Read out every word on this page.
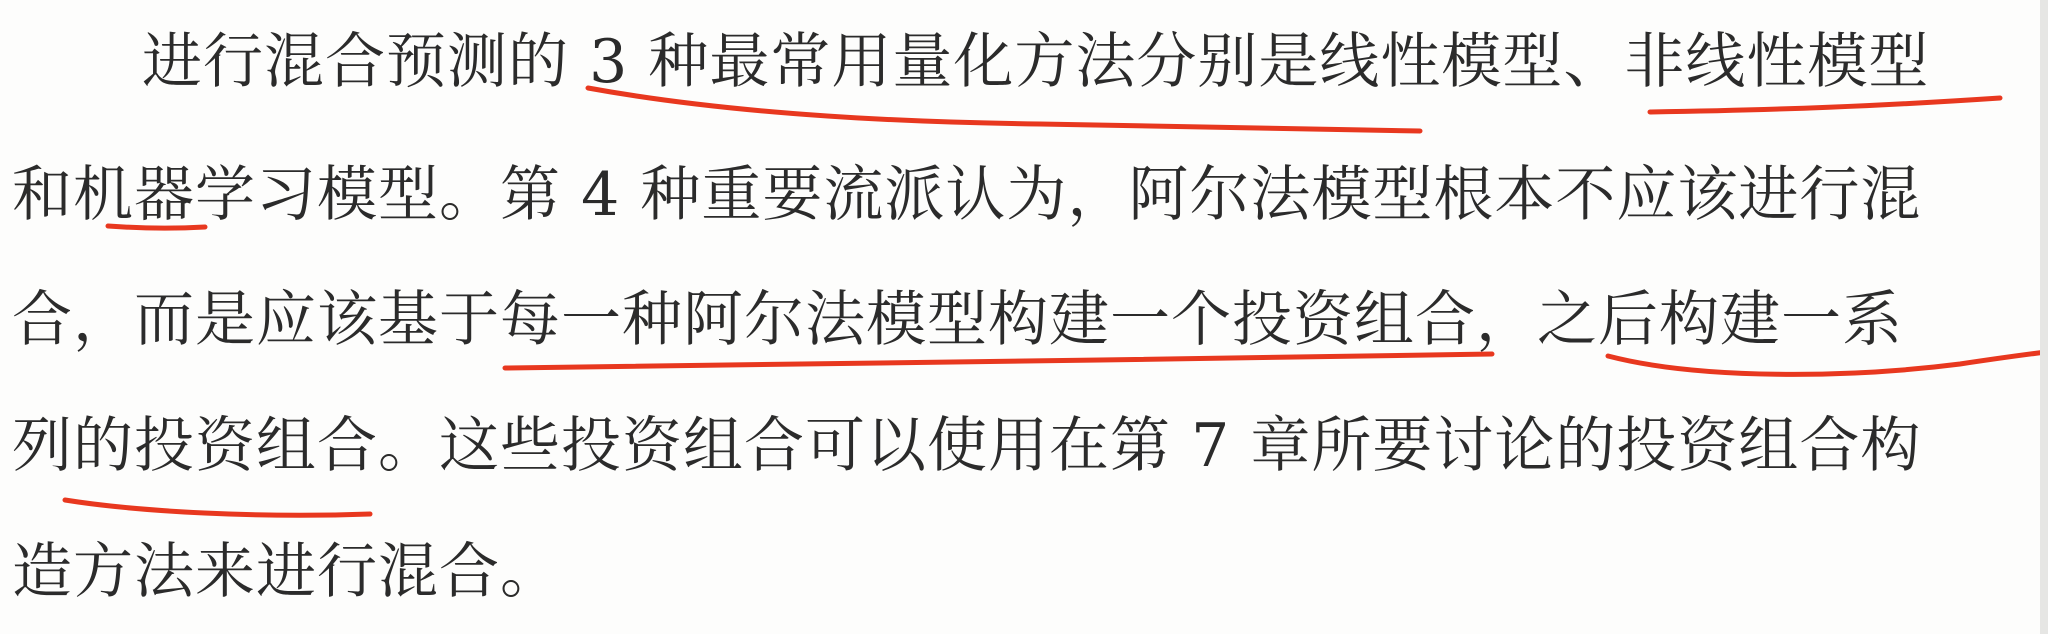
进行混合预测的 3 种最常用量化方法分别是线性模型、非线性模型
和机器学习模型。第 4 种重要流派认为，阿尔法模型根本不应该进行混
合，而是应该基于每一种阿尔法模型构建一个投资组合，之后构建一系
列的投资组合。这些投资组合可以使用在第 7 章所要讨论的投资组合构
造方法来进行混合。
